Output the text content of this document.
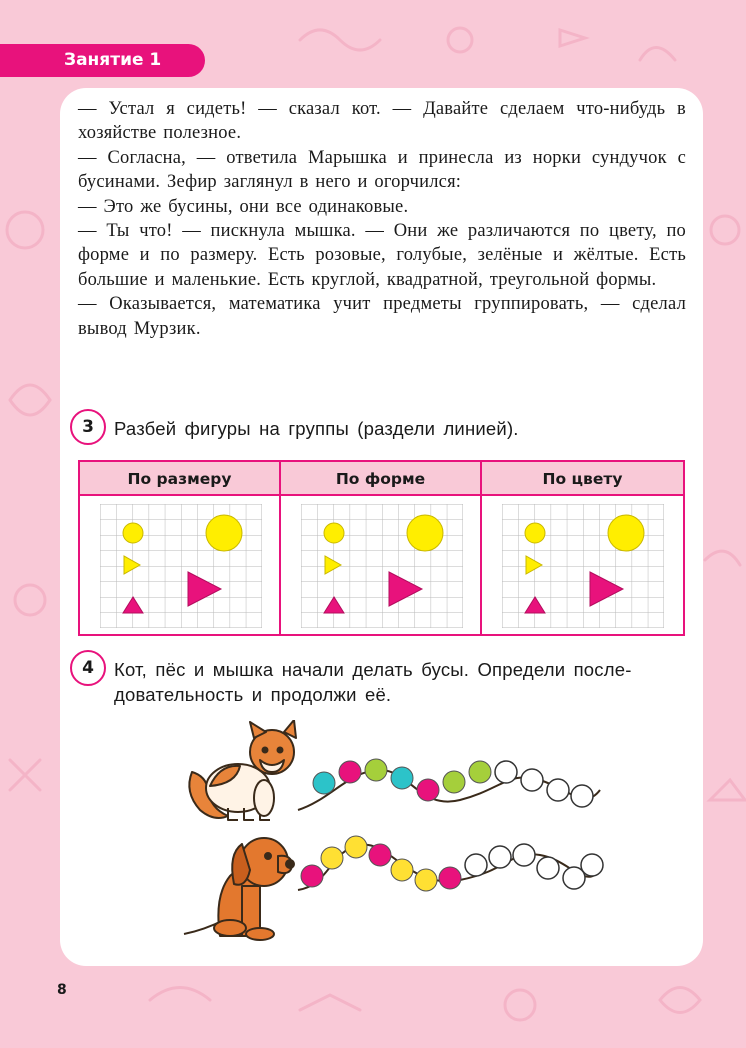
Занятие 1

— Устал я сидеть! — сказал кот. — Давайте сделаем что-нибудь в хозяйстве полезное.

— Согласна, — ответила Марышка и принесла из норки сундучок с бусинами. Зефир заглянул в него и огорчился:

— Это же бусины, они все одинаковые.

— Ты что! — пискнула мышка. — Они же различаются по цвету, по форме и по размеру. Есть розовые, голубые, зелёные и жёлтые. Есть большие и маленькие. Есть круглой, квадратной, треугольной формы.

— Оказывается, математика учит предметы группировать, — сделал вывод Мурзик.

3	Разбей фигуры на группы (раздели линией).
По размеру	По форме	По цвету
4	Кот, пёс и мышка начали делать бусы. Определи после-
довательность и продолжи её.
8
